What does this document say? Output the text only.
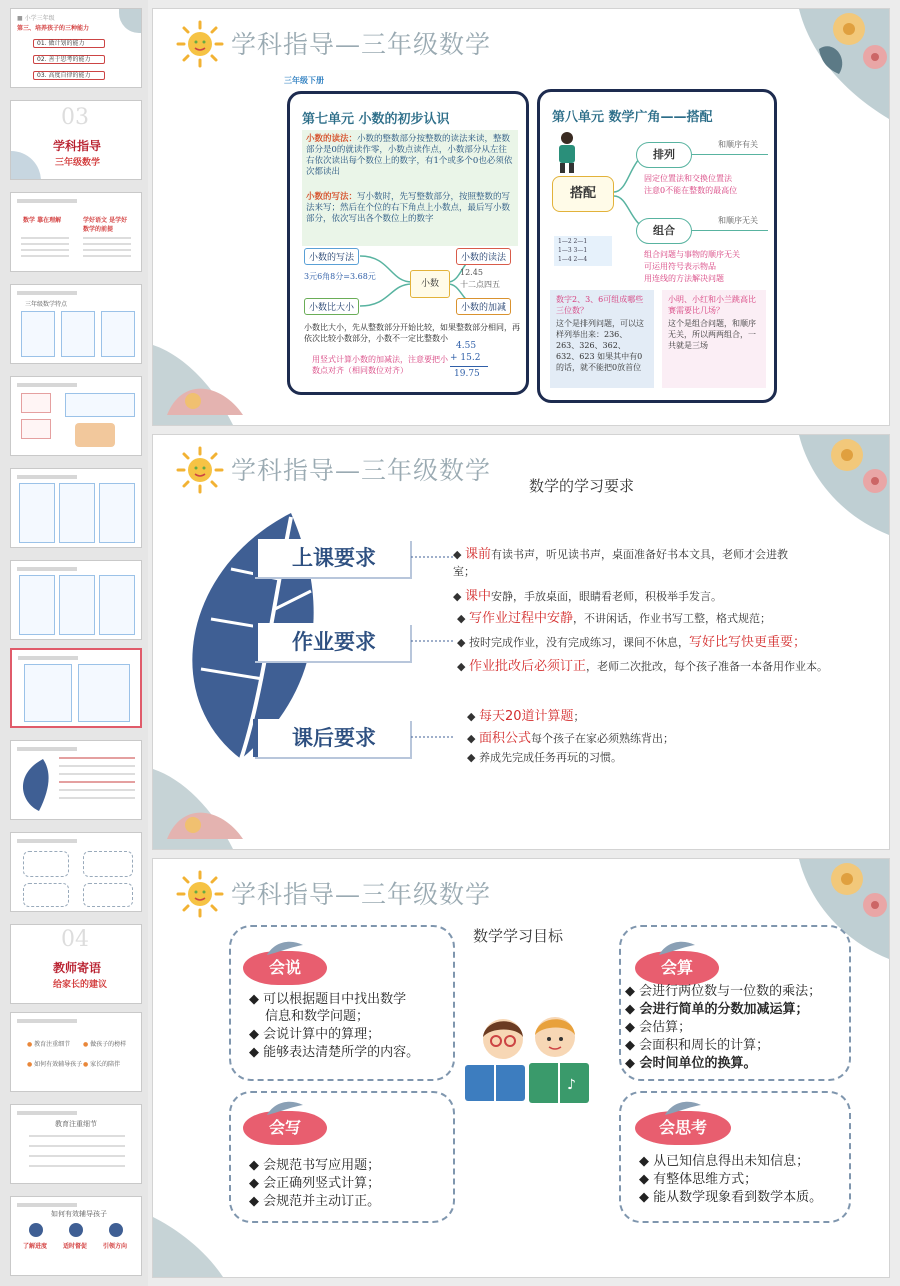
■ 小学三年级
第三、培养孩子的三种能力
01. 做计划的能力
02. 善于思考的能力
03. 高度自律的能力
03
学科指导
三年级数学
数学 靠在理解	学好语文 是学好数学的前提
三年级数学特点
04
教师寄语
给家长的建议
● 教育注重细节 ● 做孩子的榜样
● 如何有效辅导孩子 ● 家长的陪伴
教育注重细节
如何有效辅导孩子
了解进度	适时督促	引领方向
学科指导—三年级数学
三年级下册
第七单元 小数的初步认识
小数的读法：小数的整数部分按整数的读法来读，整数部分是0的就读作零，小数点读作点，小数部分从左往右依次读出每个数位上的数字，有1个或多个0也必须依次都读出
小数的写法：写小数时，先写整数部分，按照整数的写法来写；然后在个位的右下角点上小数点，最后写小数部分，依次写出各个数位上的数字
小数的写法	小数的读法
小数
3元6角8分=3.68元	12.45
十二点四五
小数比大小	小数的加减
小数比大小，先从整数部分开始比较，如果整数部分相同，再依次比较小数部分，小数不一定比整数小
4.55
+ 15.2
19.75
用竖式计算小数的加减法，注意要把小数点对齐（相同数位对齐）
第八单元 数学广角——搭配
搭配
排列
和顺序有关
固定位置法和交换位置法
注意0不能在整数的最高位
组合
和顺序无关
组合问题与事物的顺序无关
可运用符号表示物品
用连线的方法解决问题
1—2 2—1
1—3 3—1
1—4 2—4
数字2、3、6可组成哪些三位数？
这个是排列问题，可以这样列举出来：236、263、326、362、632、623 如果其中有0的话，就不能把0放首位
小明、小红和小兰跳高比赛需要比几场？
这个是组合问题，和顺序无关，所以两两组合，一共就是三场
学科指导—三年级数学
数学的学习要求
上课要求
作业要求
课后要求
◆ 课前有读书声，听见读书声，桌面准备好书本文具，老师才会进教
室；
◆ 课中安静，手放桌面，眼睛看老师，积极举手发言。
◆ 写作业过程中安静，不讲闲话，作业书写工整，格式规范；
◆ 按时完成作业，没有完成练习，课间不休息，写好比写快更重要；
◆ 作业批改后必须订正，老师二次批改，每个孩子准备一本备用作业本。
◆ 每天20道计算题；
◆ 面积公式每个孩子在家必须熟练背出；
◆ 养成先完成任务再玩的习惯。
学科指导—三年级数学
数学学习目标
会说
◆ 可以根据题目中找出数学
信息和数学问题；
◆ 会说计算中的算理；
◆ 能够表达清楚所学的内容。
会写
◆ 会规范书写应用题；
◆ 会正确列竖式计算；
◆ 会规范并主动订正。
♪
会算
◆ 会进行两位数与一位数的乘法；
◆ 会进行简单的分数加减运算；
◆ 会估算；
◆ 会面积和周长的计算；
◆ 会时间单位的换算。
会思考
◆ 从已知信息得出未知信息；
◆ 有整体思维方式；
◆ 能从数学现象看到数学本质。
